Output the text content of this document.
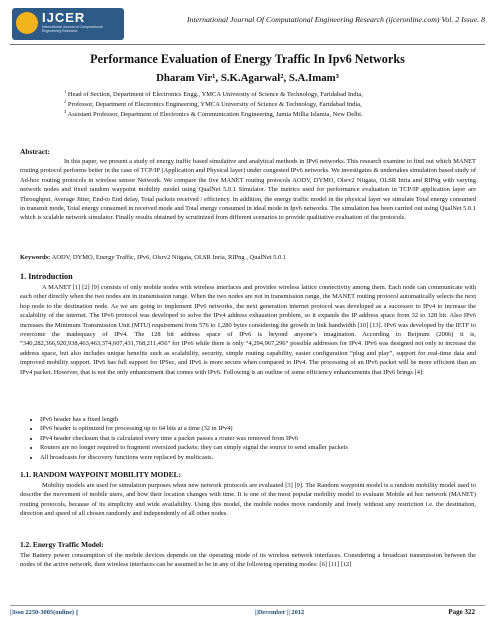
IJCER
International Journal of Computational Engineering Research
International Journal Of Computational Engineering Research (ijceronline.com) Vol. 2 Issue. 8
Performance Evaluation of Energy Traffic In Ipv6 Networks
Dharam Vir¹, S.K.Agarwal², S.A.Imam³
$^1$ Head of Section, Department of Electronics Engg., YMCA University of Science & Technology, Faridabad India,
$^2$ Professor, Department of Electronics Engineering, YMCA University of Science & Technology, Faridabad India,
$^3$ Assistant Professor, Department of Electronics & Communication Engineering, Jamia Millia Islamia, New Delhi.
Abstract:
In this paper, we present a study of energy traffic based simulative and analytical methods in IPv6 networks. This research examine to find out which MANET routing protocol performs better in the case of TCP/IP (Application and Physical layer) under congested IPv6 networks. We investigates & undertakes simulation based study of Ad-hoc routing protocols in wireless sensor Network. We compare the five MANET routing protocols AODV, DYMO, Olsrv2 Niigata, OLSR Inria and RIPng with varying network nodes and fixed random waypoint mobility model using QualNet 5.0.1 Simulator. The metrics used for performance evaluation in TCP/IP application layer are Throughput, Average Jitter, End-to End delay, Total packets received / efficiency. In addition, the energy traffic model in the physical layer we simulate Total energy consumed in transmit mode, Total energy consumed in received mode and Total energy consumed in ideal mode in Ipv6 networks. The simulation has been carried out using QualNet 5.0.1 which is scalable network simulator. Finally results obtained by scrutinized from different scenarios to provide qualitative evaluation of the protocols.
Keywords: AODV, DYMO, Energy Traffic, IPv6, Olsrv2 Niigata, OLSR Inria, RIPng , QualNet 5.0.1
1. Introduction
A MANET [1] [2] [9] consists of only mobile nodes with wireless interfaces and provides wireless lattice connectivity among them. Each node can communicate with each other directly when the two nodes are in transmission range. When the two nodes are not in transmission range, the MANET routing protocol automatically selects the next hop node to the destination node. As we are going to implement IPv6 networks, the next generation internet protocol was developed as a successor to IPv4 to increase the scalability of the internet. The IPv6 protocol was developed to solve the IPv4 address exhaustion problem, so it expands the IP address space from 32 to 128 bit. Also IPv6 increases the Minimum Transmission Unit (MTU) requirement from 576 to 1,280 bytes considering the growth in link bandwidth [10] [13]. IPv6 was developed by the IETF to overcome the inadequacy of IPv4. The 128 bit address space of IPv6 is beyond anyone’s imagination. According to Beijnum (2006) it is, “340,282,366,920,938,463,463,374,607,431,768,211,456” for IPv6 while there is only “4,294,967,296” possible addresses for IPv4. IPv6 was designed not only to increase the address space, but also includes unique benefits such as scalability, security, simple routing capability, easier configuration “plug and play”, support for real-time data and improved mobility support. IPv6 has full support for IPSec, and IPv6 is more secure when compared to IPv4. The processing of an IPv6 packet will be more efficient than an IPv4 packet. However, that is not the only enhancement that comes with IPv6. Following is an outline of some efficiency enhancements that IPv6 brings [4]:
• IPv6 header has a fixed length
• IPv6 header is optimized for processing up to 64 bits at a time (32 in IPv4)
• IPv4 header checksum that is calculated every time a packet passes a router was removed from IPv6
• Routers are no longer required to fragment oversized packets; they can simply signal the source to send smaller packets
• All broadcasts for discovery functions were replaced by multicasts.
1.1. RANDOM WAYPOINT MOBILITY MODEL:
Mobility models are used for simulation purposes when new network protocols are evaluated [3] [9]. The Random waypoint model is a random mobility model used to describe the movement of mobile users, and how their location changes with time. It is one of the most popular mobility model to evaluate Mobile ad hoc network (MANET) routing protocols, because of its simplicity and wide availability. Using this model, the mobile nodes move randomly and freely without any restriction i.e. the destination, direction and speed of all chosen randomly and independently of all other nodes.
1.2. Energy Traffic Model:
The Battery power consumption of the mobile devices depends on the operating mode of its wireless network interfaces. Considering a broadcast transmission between the nodes of the active network, then wireless interfaces can be assumed to be in any of the following operating modes: [6] [11] [12]
||Issn 2250-3005(online) ||	||December || 2012	Page 322
